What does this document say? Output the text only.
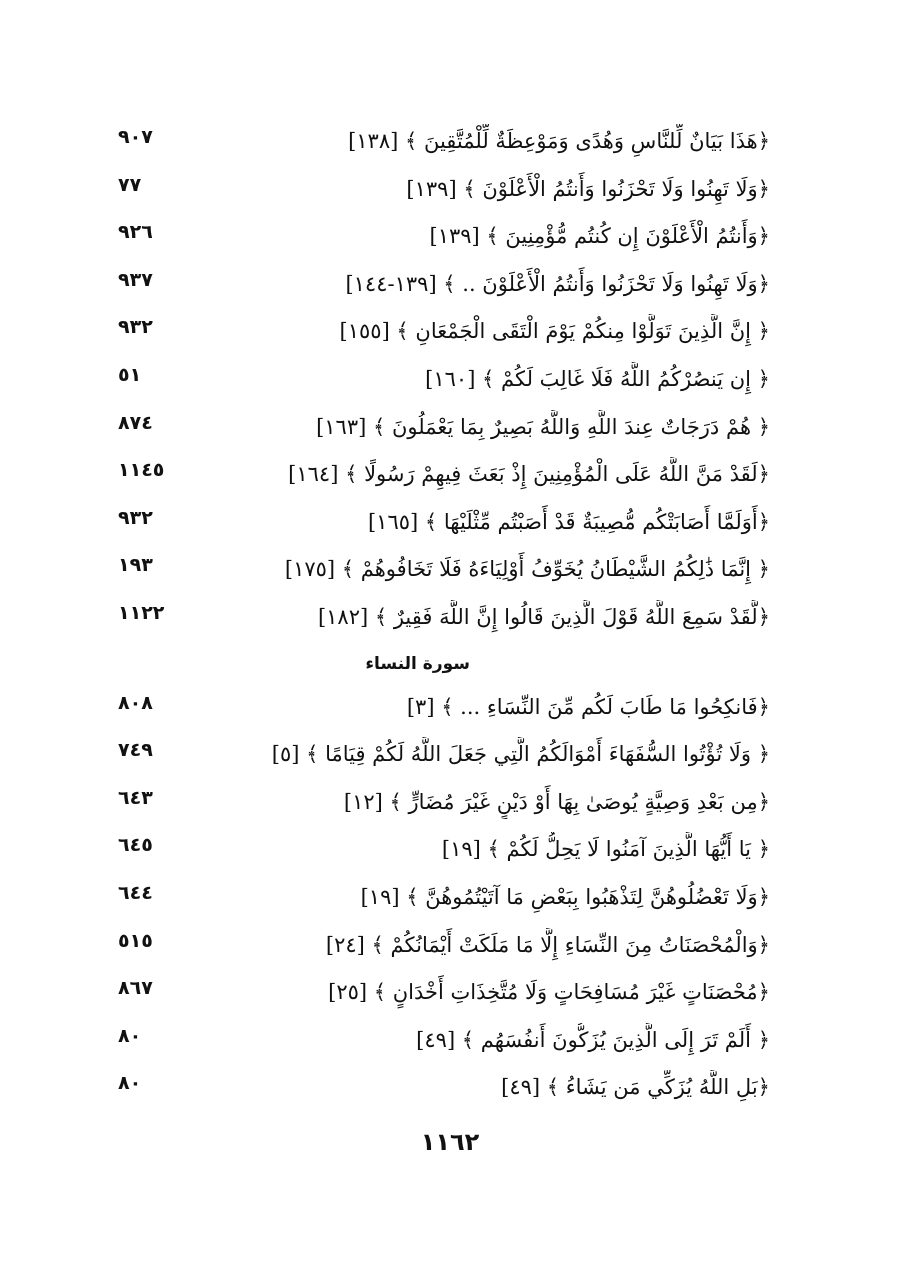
﴿هَذَا بَيَانٌ لِّلنَّاسِ وَهُدًى وَمَوْعِظَةٌ لِّلْمُتَّقِينَ ﴾ [١٣٨]
٩٠٧
﴿وَلَا تَهِنُوا وَلَا تَحْزَنُوا وَأَنتُمُ الْأَعْلَوْنَ ﴾ [١٣٩]
٧٧
﴿وَأَنتُمُ الْأَعْلَوْنَ إِن كُنتُم مُّؤْمِنِينَ ﴾ [١٣٩]
٩٢٦
﴿وَلَا تَهِنُوا وَلَا تَحْزَنُوا وَأَنتُمُ الْأَعْلَوْنَ .. ﴾ [١٣٩-١٤٤]
٩٣٧
﴿ إِنَّ الَّذِينَ تَوَلَّوْا مِنكُمْ يَوْمَ الْتَقَى الْجَمْعَانِ ﴾ [١٥٥]
٩٣٢
﴿ إِن يَنصُرْكُمُ اللَّهُ فَلَا غَالِبَ لَكُمْ ﴾ [١٦٠]
٥١
﴿ هُمْ دَرَجَاتٌ عِندَ اللَّهِ وَاللَّهُ بَصِيرٌ بِمَا يَعْمَلُونَ ﴾ [١٦٣]
٨٧٤
﴿لَقَدْ مَنَّ اللَّهُ عَلَى الْمُؤْمِنِينَ إِذْ بَعَثَ فِيهِمْ رَسُولًا ﴾ [١٦٤]
١١٤٥
﴿أَوَلَمَّا أَصَابَتْكُم مُّصِيبَةٌ قَدْ أَصَبْتُم مِّثْلَيْهَا ﴾ [١٦٥]
٩٣٢
﴿ إِنَّمَا ذَٰلِكُمُ الشَّيْطَانُ يُخَوِّفُ أَوْلِيَاءَهُ فَلَا تَخَافُوهُمْ ﴾ [١٧٥]
١٩٣
﴿لَّقَدْ سَمِعَ اللَّهُ قَوْلَ الَّذِينَ قَالُوا إِنَّ اللَّهَ فَقِيرٌ ﴾ [١٨٢]
١١٢٢
سورة النساء
﴿فَانكِحُوا مَا طَابَ لَكُم مِّنَ النِّسَاءِ ... ﴾ [٣]
٨٠٨
﴿ وَلَا تُؤْتُوا السُّفَهَاءَ أَمْوَالَكُمُ الَّتِي جَعَلَ اللَّهُ لَكُمْ قِيَامًا ﴾ [٥]
٧٤٩
﴿مِن بَعْدِ وَصِيَّةٍ يُوصَىٰ بِهَا أَوْ دَيْنٍ غَيْرَ مُضَارٍّ ﴾ [١٢]
٦٤٣
﴿ يَا أَيُّهَا الَّذِينَ آمَنُوا لَا يَحِلُّ لَكُمْ ﴾ [١٩]
٦٤٥
﴿وَلَا تَعْضُلُوهُنَّ لِتَذْهَبُوا بِبَعْضِ مَا آتَيْتُمُوهُنَّ ﴾ [١٩]
٦٤٤
﴿وَالْمُحْصَنَاتُ مِنَ النِّسَاءِ إِلَّا مَا مَلَكَتْ أَيْمَانُكُمْ ﴾ [٢٤]
٥١٥
﴿مُحْصَنَاتٍ غَيْرَ مُسَافِحَاتٍ وَلَا مُتَّخِذَاتِ أَخْدَانٍ ﴾ [٢٥]
٨٦٧
﴿ أَلَمْ تَرَ إِلَى الَّذِينَ يُزَكُّونَ أَنفُسَهُم ﴾ [٤٩]
٨٠
﴿بَلِ اللَّهُ يُزَكِّي مَن يَشَاءُ ﴾ [٤٩]
٨٠
١١٦٢
